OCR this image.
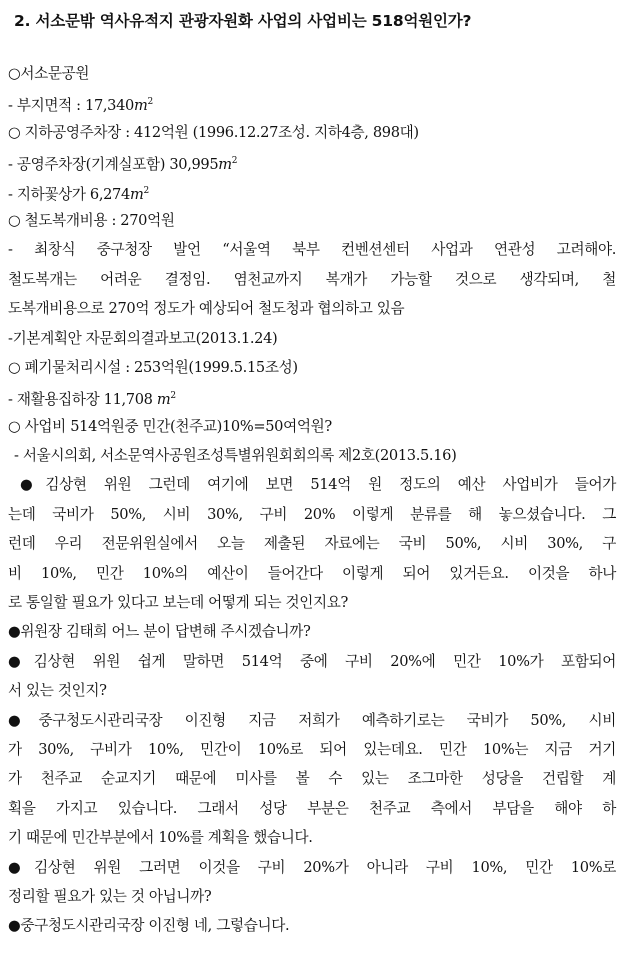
2. 서소문밖 역사유적지 관광자원화 사업의 사업비는 518억원인가?
○서소문공원
- 부지면적 : $17,340m^2$
○ 지하공영주차장 : 412억원 (1996.12.27조성. 지하4층, 898대)
- 공영주차장(기계실포함) $30,995m^2$
- 지하꽃상가 $6,274m^2$
○ 철도복개비용 : 270억원
- 최창식 중구청장 발언 “서울역 북부 컨벤션센터 사업과 연관성 고려해야.
철도복개는 어려운 결정임. 염천교까지 복개가 가능할 것으로 생각되며, 철
도복개비용으로 270억 정도가 예상되어 철도청과 협의하고 있음
-기본계획안 자문회의결과보고(2013.1.24)
○ 폐기물처리시설 : 253억원(1999.5.15조성)
- 재활용집하장 11,708 $m^2$
○ 사업비 514억원중 민간(천주교)10%=50여억원?
- 서울시의회, 서소문역사공원조성특별위원회회의록 제2호(2013.5.16)
●김상현 위원 그런데 여기에 보면 514억 원 정도의 예산 사업비가 들어가
는데 국비가 50%, 시비 30%, 구비 20% 이렇게 분류를 해 놓으셨습니다. 그
런데 우리 전문위원실에서 오늘 제출된 자료에는 국비 50%, 시비 30%, 구
비 10%, 민간 10%의 예산이 들어간다 이렇게 되어 있거든요. 이것을 하나
로 통일할 필요가 있다고 보는데 어떻게 되는 것인지요?
●위원장 김태희 어느 분이 답변해 주시겠습니까?
●김상현 위원 쉽게 말하면 514억 중에 구비 20%에 민간 10%가 포함되어
서 있는 것인지?
●중구청도시관리국장 이진형 지금 저희가 예측하기로는 국비가 50%, 시비
가 30%, 구비가 10%, 민간이 10%로 되어 있는데요. 민간 10%는 지금 거기
가 천주교 순교지기 때문에 미사를 볼 수 있는 조그마한 성당을 건립할 계
획을 가지고 있습니다. 그래서 성당 부분은 천주교 측에서 부담을 해야 하
기 때문에 민간부분에서 10%를 계획을 했습니다.
●김상현 위원 그러면 이것을 구비 20%가 아니라 구비 10%, 민간 10%로
정리할 필요가 있는 것 아닙니까?
●중구청도시관리국장 이진형 네, 그렇습니다.
